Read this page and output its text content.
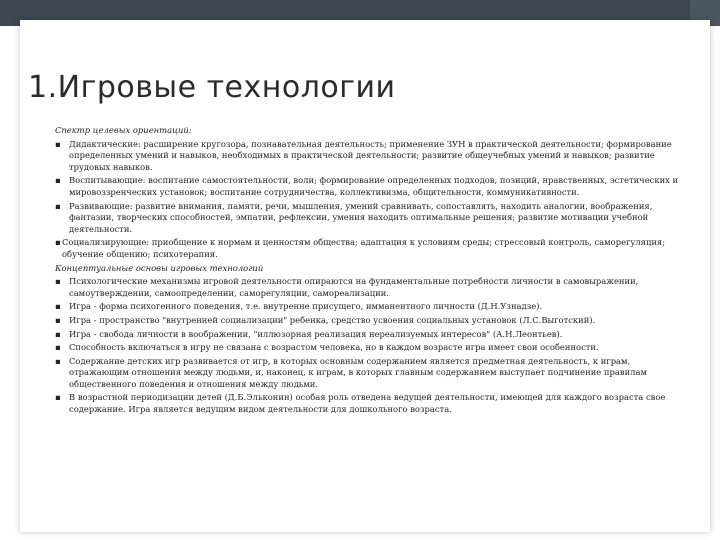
1.Игровые технологии
Спектр целевых ориентаций:
▪ Дидактические: расширение кругозора, познавательная деятельность; применение ЗУН в практической деятельности; формирование определенных умений и навыков, необходимых в практической деятельности; развитие общеучебных умений и навыков; развитие трудовых навыков.
▪ Воспитывающие: воспитание самостоятельности, воли; формирование определенных подходов, позиций, нравственных, эстетических и мировоззренческих установок; воспитание сотрудничества, коллективизма, общительности, коммуникативности.
▪ Развивающие: развитие внимания, памяти, речи, мышления, умений сравнивать, сопоставлять, находить аналогии, воображения, фантазии, творческих способностей, эмпатии, рефлексии, умения находить оптимальные решения; развитие мотивации учебной деятельности.
▪ Социализирующие: приобщение к нормам и ценностям общества; адаптация к условиям среды; стрессовый контроль, саморегуляция; обучение общению; психотерапия.
Концептуальные основы игровых технологий
▪ Психологические механизмы игровой деятельности опираются на фундаментальные потребности личности в самовыражении, самоутверждении, самоопределении, саморегуляции, самореализации.
▪ Игра - форма психогенного поведения, т.е. внутренне присущего, имманентного личности (Д.Н.Узнадзе).
▪ Игра - пространство "внутренней социализации" ребенка, средство усвоения социальных установок (Л.С.Выготский).
▪ Игра - свобода личности в воображении, "иллюзорная реализация нереализуемых интересов" (А.Н.Леонтьев).
▪ Способность включаться в игру не связана с возрастом человека, но в каждом возрасте игра имеет свои особенности.
▪ Содержание детских игр развивается от игр, в которых основным содержанием является предметная деятельность, к играм, отражающим отношения между людьми, и, наконец, к играм, в которых главным содержанием выступает подчинение правилам общественного поведения и отношения между людьми.
▪ В возрастной периодизации детей (Д.Б.Эльконин) особая роль отведена ведущей деятельности, имеющей для каждого возраста свое содержание. Игра является ведущим видом деятельности для дошкольного возраста.
